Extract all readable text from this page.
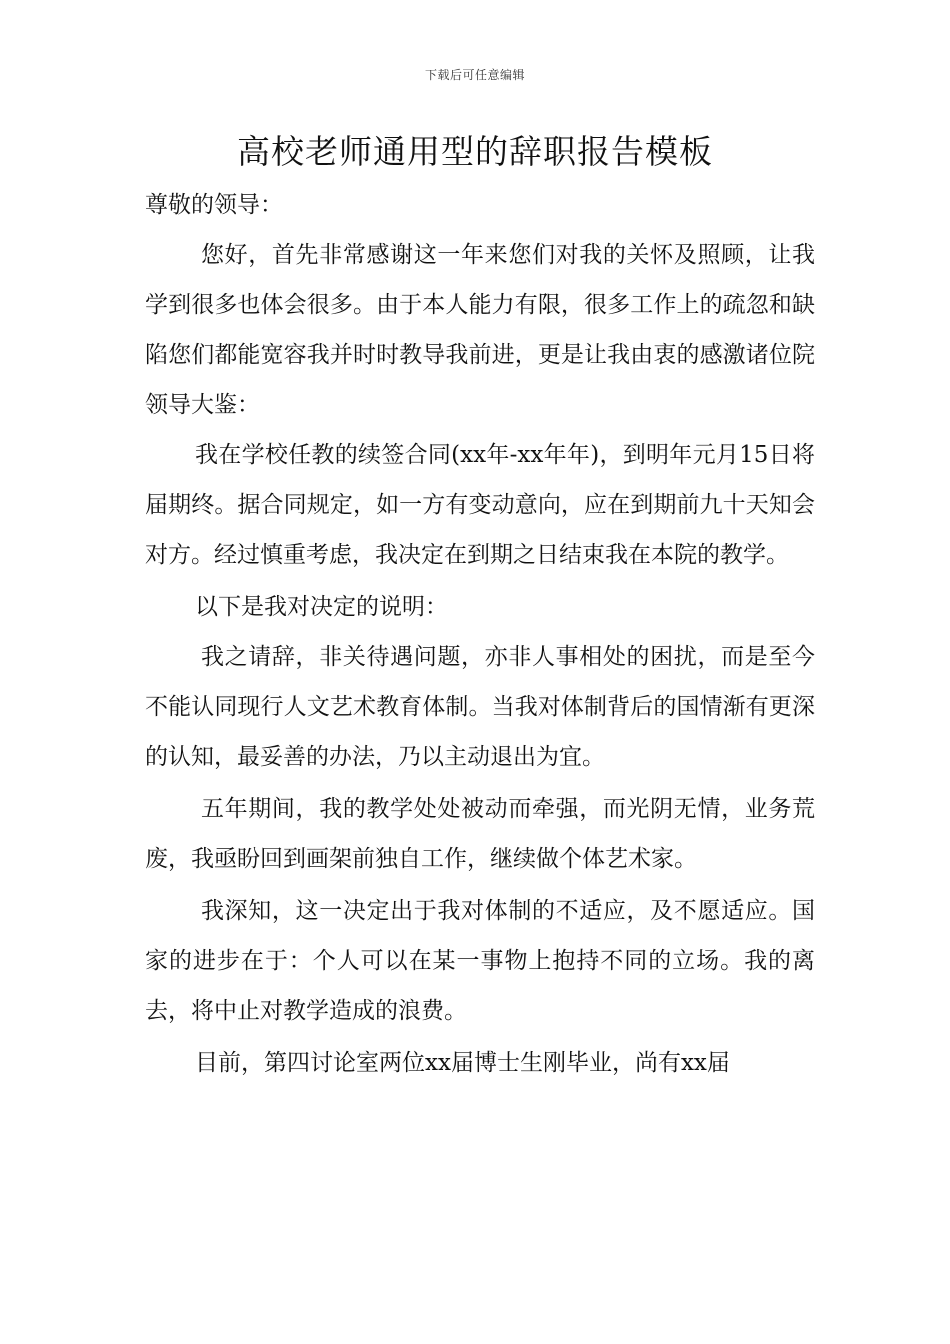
下载后可任意编辑
高校老师通用型的辞职报告模板

尊敬的领导：

您好，首先非常感谢这一年来您们对我的关怀及照顾，让我学到很多也体会很多。由于本人能力有限，很多工作上的疏忽和缺陷您们都能宽容我并时时教导我前进，更是让我由衷的感激诸位院领导大鉴：

我在学校任教的续签合同(xx年-xx年年)，到明年元月15日将届期终。据合同规定，如一方有变动意向，应在到期前九十天知会对方。经过慎重考虑，我决定在到期之日结束我在本院的教学。

以下是我对决定的说明：

我之请辞，非关待遇问题，亦非人事相处的困扰，而是至今不能认同现行人文艺术教育体制。当我对体制背后的国情渐有更深的认知，最妥善的办法，乃以主动退出为宜。

五年期间，我的教学处处被动而牵强，而光阴无情，业务荒废，我亟盼回到画架前独自工作，继续做个体艺术家。

我深知，这一决定出于我对体制的不适应，及不愿适应。国家的进步在于：个人可以在某一事物上抱持不同的立场。我的离去，将中止对教学造成的浪费。

目前，第四讨论室两位xx届博士生刚毕业，尚有xx届
